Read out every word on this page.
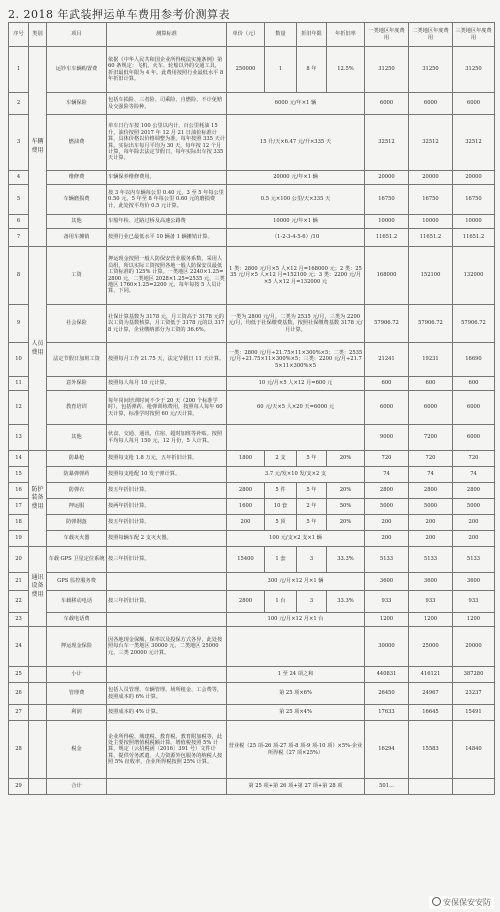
2. 2018 年武装押运单车费用参考价测算表
序号	类别	项目	测算标准	单价（元）	数量	折旧年限	年折旧率	一类地区年度费用	二类地区年度费用	三类地区年度费用
1	车辆费用	运钞车车辆购置费	依据《中华人民共和国企业所得税法实施条例》第 60 条规定：飞机、火车、轮船以外的交通工具，折旧最低年限为 4 年。此费用按照行业最低水平 8 年折旧计算。	250000	1	8 年	12.5%	31250	31250	31250
2		车辆保险	包括车损险、三者险、司乘险、自燃险、不计免赔及交强险等险种。	6000 元/年×1 辆				6000	6000	6000
3		燃油费	单车日行车按 100 公里以内计，百公里耗油 15 升，油价按照 2017 年 12 月 21 日油价标准计算，具体价格以价格调整为准。每年按照 335 天计算。实际出车每月平均为 30 天，每年按 12 个月计算，每年除去法定节假日，每年实际出车按 335 天计算。	15 升/天×6.47 元/升×335 天				32512	32512	32512
4		维修费	车辆保养维修费用。	20000 元/年×1 辆				20000	20000	20000
5		车辆磨损费	按 3 年以内车辆每公里 0.40 元，3 至 5 年每公里 0.50 元，5 年至 8 年每公里 0.60 元的磨损费计，此处按平均价 0.5 元计算。	0.5 元×100 公里/天×335 天				16750	16750	16750
6		其他	车船年检、过路过桥及高速公路费	10000 元/年×1 辆				10000	10000	10000
7		备用车摊销	按照行业已最低水平 10 辆备 1 辆摊销计算。	（1-2-3-4-5-6）/10				11651.2	11651.2	11651.2
8	人员费用	工资	押运现金按照一般人防保安营业服务系数，采用人员组，所以实际工资按照各地一般人防保安员最低工资标准的 125% 计算。一类地区 2240×1.25=2800 元，二类地区 2028×1.25=2535 元，三类地区 1760×1.25=2200 元，每年每按 5 人员计算，下同。	1 类：2800 元/月×5 人×12 月=168000 元；2 类：2535 元/月×5 人×12 月=152100 元；3 类：2200 元/月×5 人×12 月=132000 元				168000	152100	132000
9		社会保险	社保计算基数为 3178 元，月工资高于 3178 元的以工资为基数核算，月工资低于 3178 元的以 3178 元计算，企业缴纳部分为工资的 36.6%。	一类为 2800 元/月，二类为 2535 元/月，三类为 2200 元/月，均低于社保缴费基数，按照社保缴费基数 3178 元/月计算。				57906.72	57906.72	57906.72
10		法定节假日加班工资	按照每月工作 21.75 天，法定节假日 11 天计算。	一类：2800 元/月÷21.75×11×300%×5；二类：2535 元/月÷21.75×11×300%×5；三类：2200 元/月÷21.75×11×300%×5				21241	19231	16690
11		意外保险	按照每人每月 10 元计算。	10 元/月×5 人×12 月=600 元				600	600	600
12		教育培训	每年岗间培训时间不少于 20 天（200 个标准学时），包括弹药、枪弹训练费用，按照每人每年 60 天计算，标准学时按照 60 元/天计算。	60 元/天×5 人×20 天=6000 元				6000	6000	6000
13		其他	伙食、交通、通讯、住宿、超时加班等补贴。按照平均每人每月 150 元，12 月份，5 人计算。					9000	7200	6000
14	防护装备费用	防暴枪	按照每支枪 1.8 万元，五年折旧计算。	1800	2 支	5 年	20%	720	720	720
15		防暴弹弹药	按照每支枪配 10 发子弹计算。	3.7 元/发×10 发/支×2 支				74	74	74
16		防弹衣	按五年折旧计算。	2800	5 件	5 年	20%	2800	2800	2800
17		押运服	按两年折旧计算。	1600	10 套	2 年	50%	5000	5000	5000
18		防弹钢盔	按五年折旧计算。	200	5 顶	5 年	20%	200	200	200
19		车载灭火器	按照每辆车配 2 支灭火器。	100 元/支×2 支×1 辆				200	200	200
20	通讯设备费用	车载 GPS 卫星定位系统	按三年折旧计算。	15400	1 套	3	33.3%	5133	5133	5133
21		GPS 监控服务费		300 元/月×12 月×1 辆				3600	3600	3600
22		车载移动电话	按三年折旧计算。	2800	1 台	3	33.3%	933	933	933
23		车载电话费		100 元/月×12 月×1 台				1200	1200	1200
24		押运现金保险	因各地现金保额、保率以及投保方式各异，此处按照每台车一类地区 30000 元、二类地区 25000 元、三类 20000 元计算。					30000	25000	20000
25		小计		1 至 24 项之和				440831	416121	387280
26		管理费	包括人员管理、车辆管理、场所租金、工会费等，按照成本的 6% 计算。	第 25 项×6%				26450	24967	23237
27		利润	按照成本的 4% 计算。	第 25 项×4%				17633	16645	15491
28		税金	企业所得税、城建税、教育税、教育附加税等，此处主要按照增值税税额计算。增值税按照 5% 计算，规定（云招税函〔2016〕391 号）文件计算，提供劳务派遣、人力资源外包服务的纳税人按照 5% 征收率，企业所得税按照 25% 计算。	营业税（25 项-26 项-27 项-8 项-9 项-10 项）×5%-企业所得税（27 项×25%）				16294	15583	14840
29		合计		第 25 项+第 26 项+第 27 项+第 28 项				501...		
安保保安安防
